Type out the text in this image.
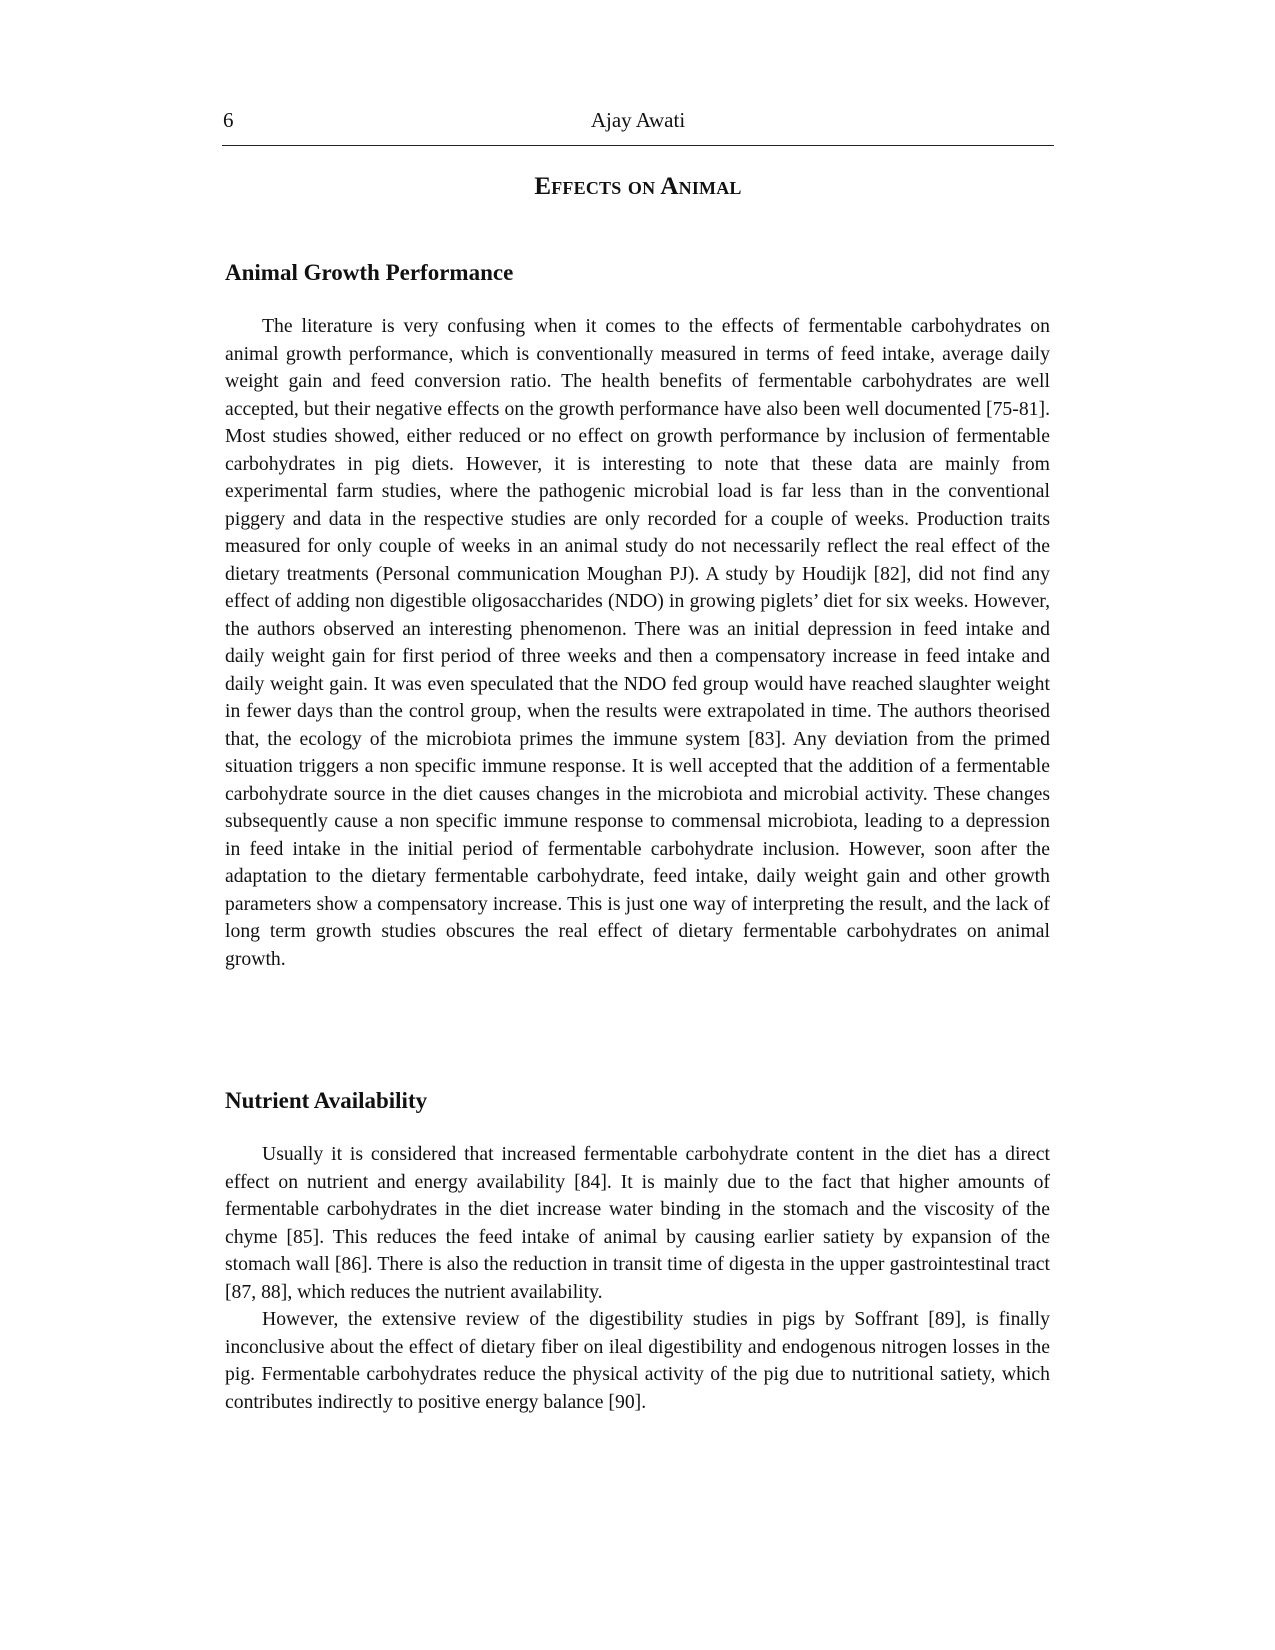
6	Ajay Awati
Effects on Animal
Animal Growth Performance

The literature is very confusing when it comes to the effects of fermentable carbohydrates on animal growth performance, which is conventionally measured in terms of feed intake, average daily weight gain and feed conversion ratio. The health benefits of fermentable carbohydrates are well accepted, but their negative effects on the growth performance have also been well documented [75-81]. Most studies showed, either reduced or no effect on growth performance by inclusion of fermentable carbohydrates in pig diets. However, it is interesting to note that these data are mainly from experimental farm studies, where the pathogenic microbial load is far less than in the conventional piggery and data in the respective studies are only recorded for a couple of weeks. Production traits measured for only couple of weeks in an animal study do not necessarily reflect the real effect of the dietary treatments (Personal communication Moughan PJ). A study by Houdijk [82], did not find any effect of adding non digestible oligosaccharides (NDO) in growing piglets’ diet for six weeks. However, the authors observed an interesting phenomenon. There was an initial depression in feed intake and daily weight gain for first period of three weeks and then a compensatory increase in feed intake and daily weight gain. It was even speculated that the NDO fed group would have reached slaughter weight in fewer days than the control group, when the results were extrapolated in time. The authors theorised that, the ecology of the microbiota primes the immune system [83]. Any deviation from the primed situation triggers a non specific immune response. It is well accepted that the addition of a fermentable carbohydrate source in the diet causes changes in the microbiota and microbial activity. These changes subsequently cause a non specific immune response to commensal microbiota, leading to a depression in feed intake in the initial period of fermentable carbohydrate inclusion. However, soon after the adaptation to the dietary fermentable carbohydrate, feed intake, daily weight gain and other growth parameters show a compensatory increase. This is just one way of interpreting the result, and the lack of long term growth studies obscures the real effect of dietary fermentable carbohydrates on animal growth.

Nutrient Availability

Usually it is considered that increased fermentable carbohydrate content in the diet has a direct effect on nutrient and energy availability [84]. It is mainly due to the fact that higher amounts of fermentable carbohydrates in the diet increase water binding in the stomach and the viscosity of the chyme [85]. This reduces the feed intake of animal by causing earlier satiety by expansion of the stomach wall [86]. There is also the reduction in transit time of digesta in the upper gastrointestinal tract [87, 88], which reduces the nutrient availability.

However, the extensive review of the digestibility studies in pigs by Soffrant [89], is finally inconclusive about the effect of dietary fiber on ileal digestibility and endogenous nitrogen losses in the pig. Fermentable carbohydrates reduce the physical activity of the pig due to nutritional satiety, which contributes indirectly to positive energy balance [90].
